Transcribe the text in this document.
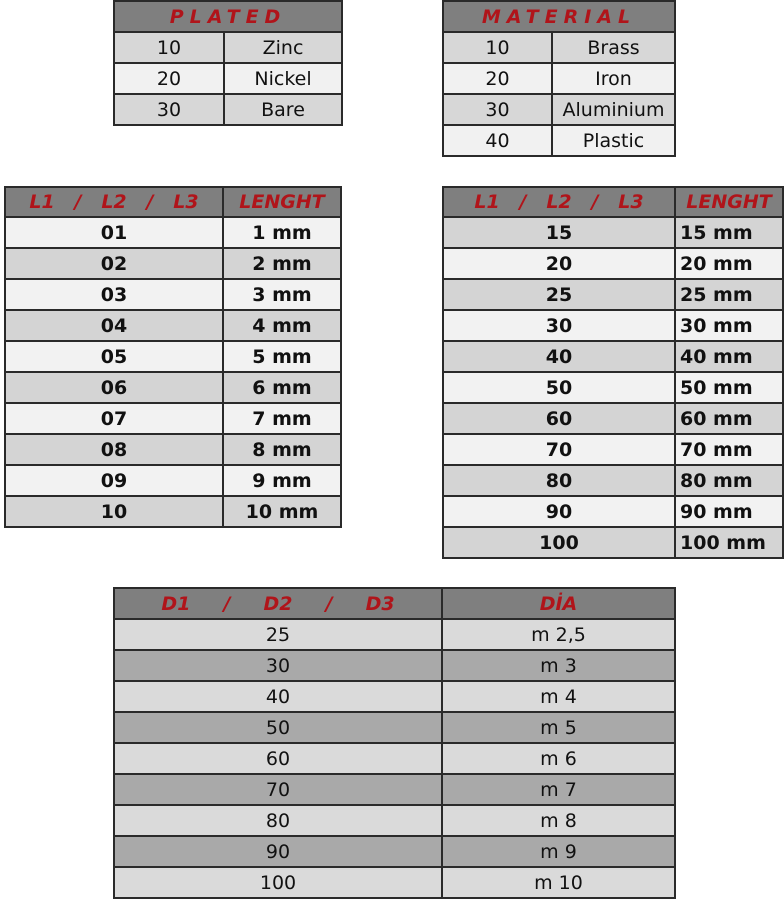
PLATED	
10	Zinc
20	Nickel
30	Bare
MATERIAL	
10	Brass
20	Iron
30	Aluminium
40	Plastic
L1   /   L2   /   L3	LENGHT
01	1 mm
02	2 mm
03	3 mm
04	4 mm
05	5 mm
06	6 mm
07	7 mm
08	8 mm
09	9 mm
10	10 mm
L1   /   L2   /   L3	LENGHT
15	15 mm
20	20 mm
25	25 mm
30	30 mm
40	40 mm
50	50 mm
60	60 mm
70	70 mm
80	80 mm
90	90 mm
100	100 mm
D1     /     D2     /     D3	DİA
25	m 2,5
30	m 3
40	m 4
50	m 5
60	m 6
70	m 7
80	m 8
90	m 9
100	m 10
